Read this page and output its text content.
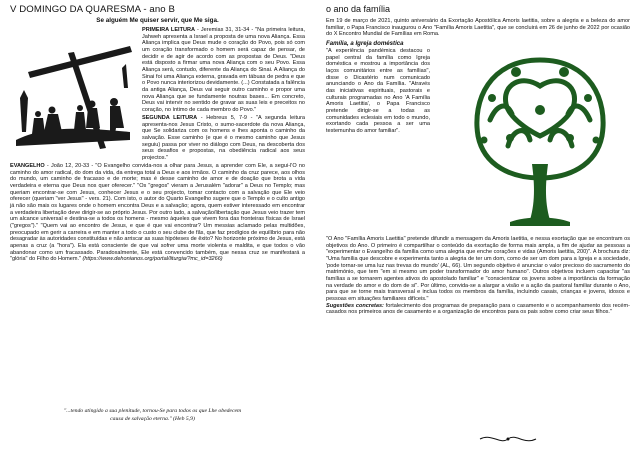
V DOMINGO DA QUARESMA - ano B
Se alguém Me quiser servir, que Me siga.
PRIMEIRA LEITURA - Jeremias 31, 31-34 - "Na primeira leitura, Jahweh apresenta a Israel a proposta de uma nova Aliança. Essa Aliança implica que Deus mude o coração do Povo, pois só com um coração transformado o homem será capaz de pensar, de decidir e de agir de acordo com as propostas de Deus. "Deus está disposto a firmar uma nova Aliança com o seu Povo. Essa Aliança será, contudo, diferente da Aliança do Sinai. A Aliança do Sinai foi uma Aliança externa, gravada em tábuas de pedra e que o Povo nunca interiorizou devidamente. (...) Constatada a falência da antiga Aliança, Deus vai seguir outro caminho e propor uma nova Aliança que se fundamente noutras bases... Em concreto, Deus vai intervir no sentido de gravar as suas leis e preceitos no coração, no íntimo de cada membro do Povo."
SEGUNDA LEITURA - Hebreus 5, 7-9 - "A segunda leitura apresenta-nos Jesus Cristo, o sumo-sacerdote da nova Aliança, que Se solidariza com os homens e lhes aponta o caminho da salvação. Esse caminho (e que é o mesmo caminho que Jesus seguiu) passa por viver no diálogo com Deus, na descoberta dos seus desafios e propostas, na obediência radical aos seus projectos."
EVANGELHO - João 12, 20-33 - "O Evangelho convida-nos a olhar para Jesus, a aprender com Ele, a segui-l'O no caminho do amor radical, do dom da vida, da entrega total a Deus e aos irmãos. O caminho da cruz parece, aos olhos do mundo, um caminho de fracasso e de morte; mas é desse caminho de amor e de doação que brota a vida verdadeira e eterna que Deus nos quer oferecer." "Os "gregos" vieram a Jerusalém "adorar" a Deus no Templo; mas queriam encontrar-se com Jesus, conhecer Jesus e o seu projecto, tomar contacto com a salvação que Ele veio oferecer (queriam "ver Jesus" - vers. 21). Com isto, o autor do Quarto Evangelho sugere que o Templo e o culto antigo já não são mais os lugares onde o homem encontra Deus e a salvação; agora, quem estiver interessado em encontrar a verdadeira libertação deve dirigir-se ao próprio Jesus. Por outro lado, a salvação/libertação que Jesus veio trazer tem um alcance universal e destina-se a todos os homens - mesmo àqueles que vivem fora das fronteiras físicas de Israel ("gregos")." "Quem vai ao encontro de Jesus, e que é que vai encontrar? Um messias aclamado pelas multidões, preocupado em gerir a carreira e em manter a todo o custo o seu clube de fãs, que faz prodígios de equilíbrio para não desagradar às autoridades constituídas e não arriscar as suas hipóteses de êxito? No horizonte próximo de Jesus, está apenas a cruz (a "hora"). Ela está consciente de que vai sofrer uma morte violenta e maldita, e que todos o vão abandonar como um fracassado. Paradoxalmente, Ele está convencido também, que nessa cruz se manifestará a "glória" do Filho do Homem." (https://www.dehonianos.org/portal/liturgia/?mc_id=3266)
"...tendo atingido a sua plenitude, tornou-Se para todos os que Lhe obedecem
causa de salvação eterna." (Heb 5,9)
o ano da família
Em 19 de março de 2021, quinto aniversário da Exortação Apostólica Amoris laetitia, sobre a alegria e a beleza do amor familiar, o Papa Francisco inaugurou o Ano "Família Amoris Laetitia", que se concluirá em 26 de junho de 2022 por ocasião do X Encontro Mundial de Famílias em Roma.
Família, a Igreja doméstica
"A experiência pandémica destacou o papel central da família como Igreja doméstica e mostrou a importância dos laços comunitários entre as famílias", disse o Dicastério num comunicado anunciando o Ano da Família. "Através das iniciativas espirituais, pastorais e culturais programadas no Ano 'A Família Amoris Laetitia', o Papa Francisco pretende dirigir-se a todas as comunidades eclesiais em todo o mundo, exortando cada pessoa a ser uma testemunha do amor familiar".
"O Ano "Família Amoris Laetitia" pretende difundir a mensagem da Amoris laetitia, e nessa exortação que se encontram os objetivos do Ano. O primeiro é compartilhar o conteúdo da exortação de forma mais ampla, a fim de ajudar as pessoas a "experimentar o Evangelho da família como uma alegria que enche corações e vidas (Amoris laetitia, 200)". A brochura diz: "Uma família que descobre e experimenta tanto a alegria de ter um dom, como de ser um dom para a Igreja e a sociedade, 'pode tornar-se uma luz nas trevas do mundo' (AL, 66). Um segundo objetivo é anunciar o valor precioso do sacramento do matrimónio, que tem "em si mesmo um poder transformador do amor humano". Outros objetivos incluem capacitar "as famílias a se tornarem agentes ativos do apostolado familiar" e "conscientizar os jovens sobre a importância da formação na verdade do amor e do dom de si". Por último, convida-se a alargar a visão e a ação da pastoral familiar durante o Ano, para que se torne mais transversal e inclua todos os membros da família, incluindo casais, crianças e jovens, idosos e pessoas em situações familiares difíceis."
Sugestões concretas: fortalecimento dos programas de preparação para o casamento e o acompanhamento dos recém-casados nos primeiros anos de casamento e a organização de encontros para os pais sobre como criar seus filhos."
